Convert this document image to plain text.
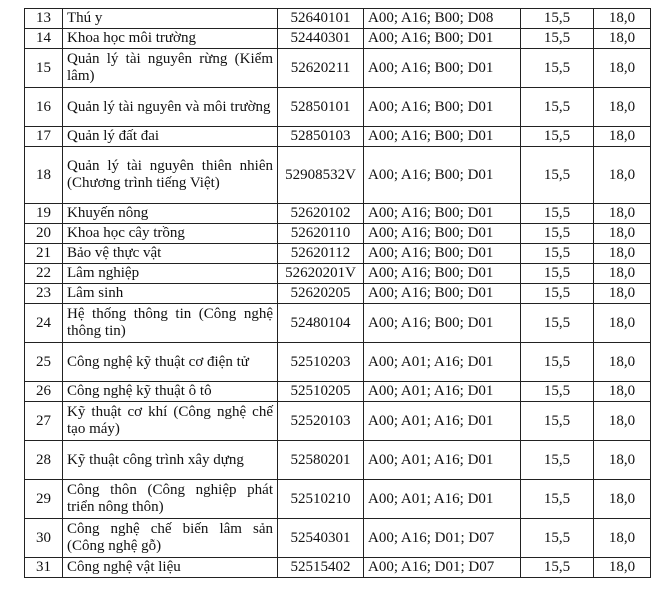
13	Thú y	52640101	A00; A16; B00; D08	15,5	18,0
14	Khoa học môi trường	52440301	A00; A16; B00; D01	15,5	18,0
15	Quản lý tài nguyên rừng (Kiểm lâm)	52620211	A00; A16; B00; D01	15,5	18,0
16	Quản lý tài nguyên và môi trường	52850101	A00; A16; B00; D01	15,5	18,0
17	Quản lý đất đai	52850103	A00; A16; B00; D01	15,5	18,0
18	Quản lý tài nguyên thiên nhiên (Chương trình tiếng Việt)	52908532V	A00; A16; B00; D01	15,5	18,0
19	Khuyến nông	52620102	A00; A16; B00; D01	15,5	18,0
20	Khoa học cây trồng	52620110	A00; A16; B00; D01	15,5	18,0
21	Bảo vệ thực vật	52620112	A00; A16; B00; D01	15,5	18,0
22	Lâm nghiệp	52620201V	A00; A16; B00; D01	15,5	18,0
23	Lâm sinh	52620205	A00; A16; B00; D01	15,5	18,0
24	Hệ thống thông tin (Công nghệ thông tin)	52480104	A00; A16; B00; D01	15,5	18,0
25	Công nghệ kỹ thuật cơ điện tử	52510203	A00; A01; A16; D01	15,5	18,0
26	Công nghệ kỹ thuật ô tô	52510205	A00; A01; A16; D01	15,5	18,0
27	Kỹ thuật cơ khí (Công nghệ chế tạo máy)	52520103	A00; A01; A16; D01	15,5	18,0
28	Kỹ thuật công trình xây dựng	52580201	A00; A01; A16; D01	15,5	18,0
29	Công thôn (Công nghiệp phát triển nông thôn)	52510210	A00; A01; A16; D01	15,5	18,0
30	Công nghệ chế biến lâm sản (Công nghệ gỗ)	52540301	A00; A16; D01; D07	15,5	18,0
31	Công nghệ vật liệu	52515402	A00; A16; D01; D07	15,5	18,0
